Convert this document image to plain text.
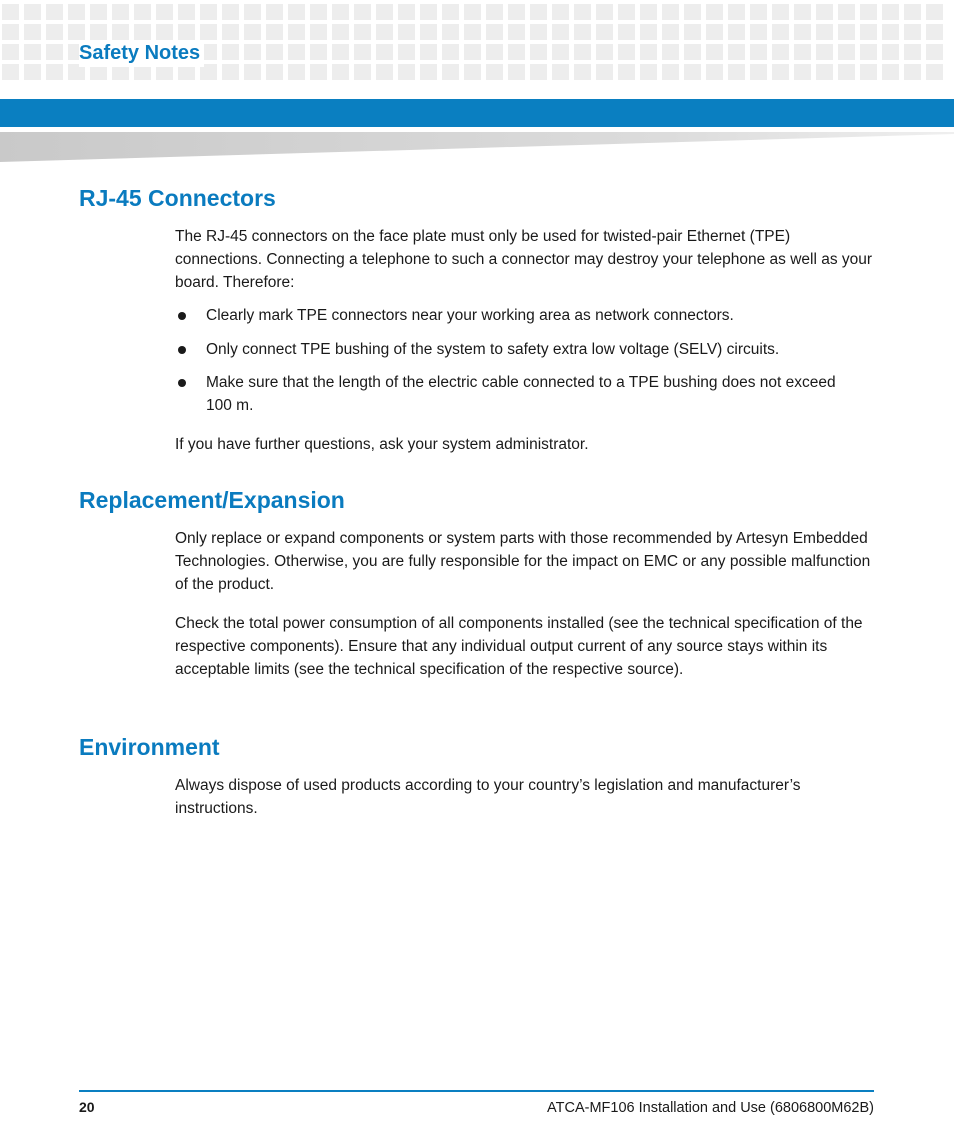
Safety Notes
RJ-45 Connectors

The RJ-45 connectors on the face plate must only be used for twisted-pair Ethernet (TPE) connections. Connecting a telephone to such a connector may destroy your telephone as well as your board. Therefore:

Clearly mark TPE connectors near your working area as network connectors.
Only connect TPE bushing of the system to safety extra low voltage (SELV) circuits.
Make sure that the length of the electric cable connected to a TPE bushing does not exceed 100 m.

If you have further questions, ask your system administrator.

Replacement/Expansion

Only replace or expand components or system parts with those recommended by Artesyn Embedded Technologies. Otherwise, you are fully responsible for the impact on EMC or any possible malfunction of the product.

Check the total power consumption of all components installed (see the technical specification of the respective components). Ensure that any individual output current of any source stays within its acceptable limits (see the technical specification of the respective source).

Environment

Always dispose of used products according to your country’s legislation and manufacturer’s instructions.

20	ATCA-MF106 Installation and Use (6806800M62B)
